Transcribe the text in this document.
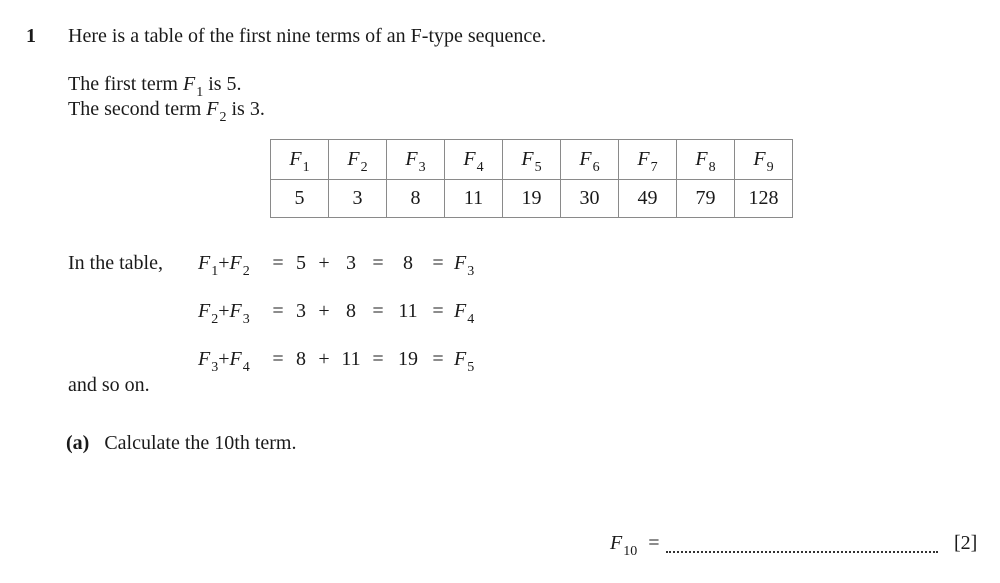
1 Here is a table of the first nine terms of an F-type sequence.
The first term $F_1$ is 5.
The second term $F_2$ is 3.
$F_1$	$F_2$	$F_3$	$F_4$	$F_5$	$F_6$	$F_7$	$F_8$	$F_9$
5	3	8	11	19	30	49	79	128
In the table, F1+F2 = 5 + 3 = 8 = F3
F2+F3 = 3 + 8 = 11 = F4
F3+F4 = 8 + 11 = 19 = F5
and so on.
(a) Calculate the 10th term.
$F_{10}$ =	[2]
